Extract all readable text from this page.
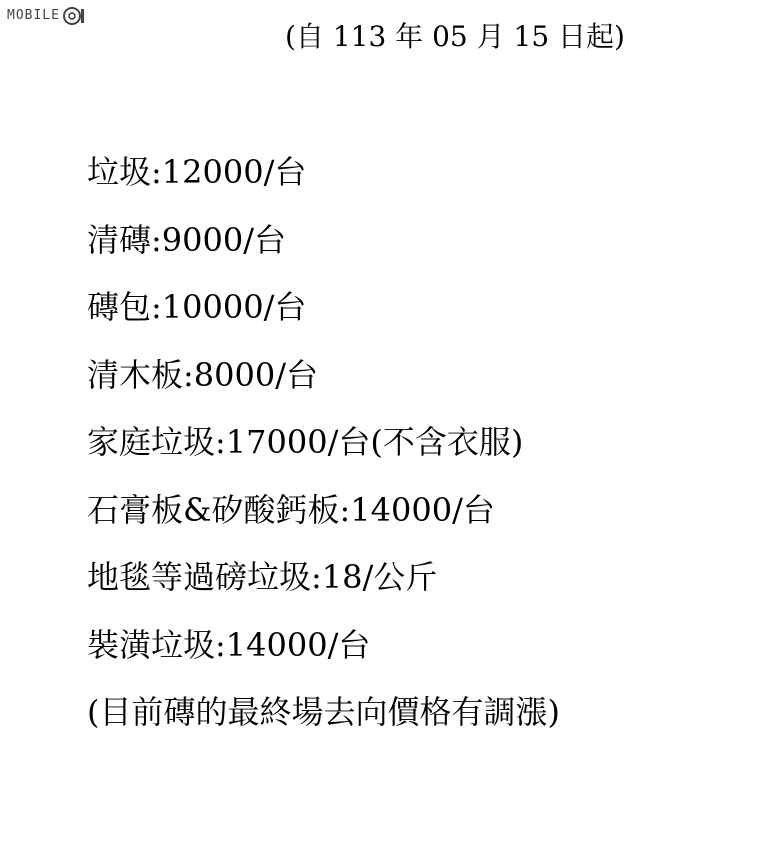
MOBILE
(自 113 年 05 月 15 日起)
垃圾:12000/台
清磚:9000/台
磚包:10000/台
清木板:8000/台
家庭垃圾:17000/台(不含衣服)
石膏板&矽酸鈣板:14000/台
地毯等過磅垃圾:18/公斤
裝潢垃圾:14000/台
(目前磚的最終場去向價格有調漲)
